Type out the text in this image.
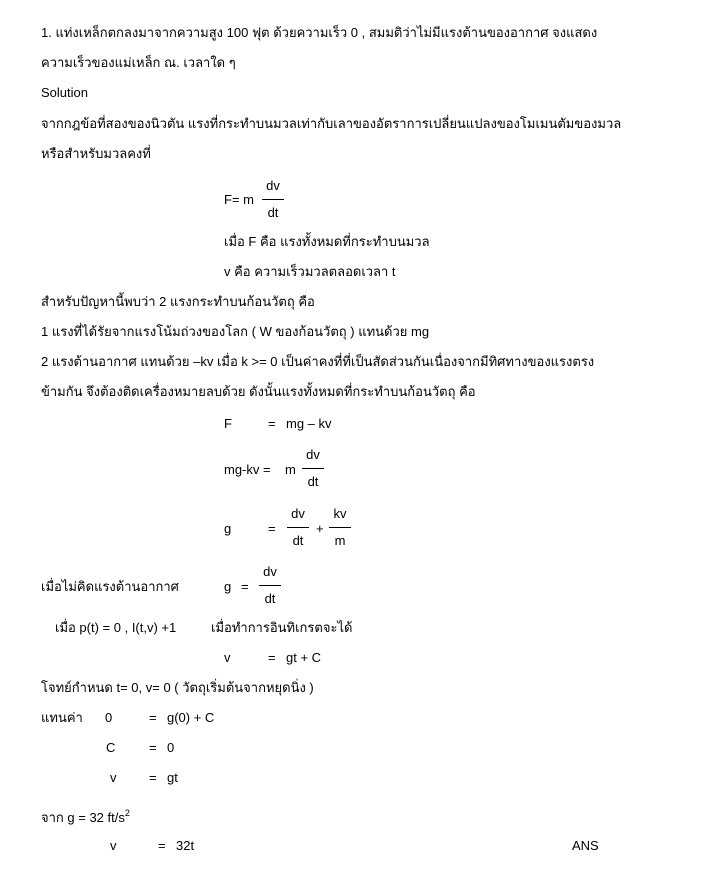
1. แท่งเหล็กตกลงมาจากความสูง 100 ฟุต ด้วยความเร็ว 0 , สมมติว่าไม่มีแรงต้านของอากาศ จงแสดง
ความเร็วของแม่เหล็ก ณ. เวลาใด ๆ
Solution
จากกฎข้อที่สองของนิวตัน แรงที่กระทำบนมวลเท่ากับเลาของอัตราการเปลี่ยนแปลงของโมเมนตัมของมวล
หรือสำหรับมวลคงที่
F= m
dv
dt
เมื่อ F คือ แรงทั้งหมดที่กระทำบนมวล
v คือ ความเร็วมวลตลอดเวลา t
สำหรับปัญหานี้พบว่า 2 แรงกระทำบนก้อนวัตถุ คือ
1 แรงที่ได้รัยจากแรงโน้มถ่วงของโลก ( W ของก้อนวัตถุ ) แทนด้วย mg
2 แรงต้านอากาศ แทนด้วย –kv เมื่อ k >= 0 เป็นค่าคงที่ที่เป็นสัดส่วนกันเนื่องจากมีทิศทางของแรงตรง
ข้ามกัน จึงต้องติดเครื่องหมายลบด้วย ดังนั้นแรงทั้งหมดที่กระทำบนก้อนวัตถุ คือ
F	= mg – kv
mg-kv = m
dv
dt
g	=
dv
dt
+
kv
m
เมื่อไม่คิดแรงต้านอากาศ	g =
dv
dt
เมื่อ p(t) = 0 , I(t,v) +1	เมื่อทำการอินทิเกรตจะได้
v	= gt + C
โจทย์กำหนด t= 0, v= 0 ( วัตถุเริ่มต้นจากหยุดนิ่ง )
แทนค่า 0	= g(0) + C
C	= 0
v	= gt
จาก g = 32 $ft/s^2$
v	= 32t	ANS
